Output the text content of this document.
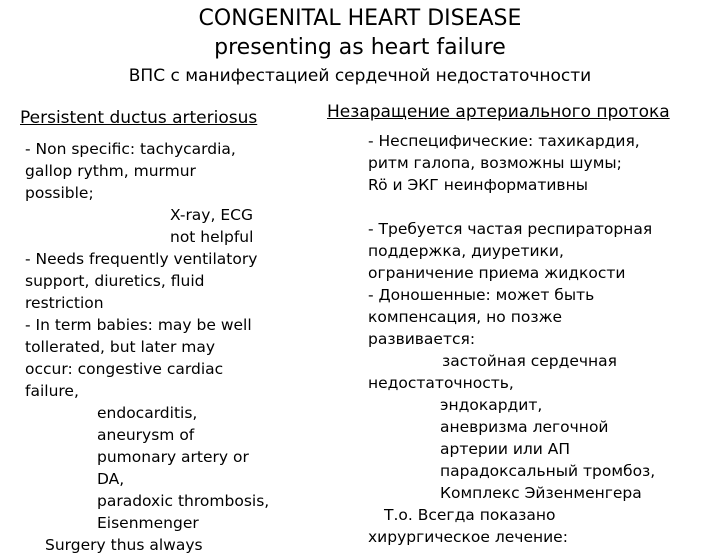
CONGENITAL HEART DISEASE
presenting as heart failure
ВПС с манифестацией сердечной недостаточности
Persistent ductus arteriosus	Незаращение артериального протока
- Non specific: tachycardia,
gallop rythm, murmur
possible;
X-ray, ECG
not helpful
- Needs frequently ventilatory
support, diuretics, fluid
restriction
- In term babies: may be well
tollerated, but later may
occur: congestive cardiac
failure,
endocarditis,
aneurysm of
pumonary artery or
DA,
paradoxic thrombosis,
Eisenmenger
Surgery thus always
- Неспецифические: тахикардия,
ритм галопа, возможны шумы;
Rö и ЭКГ неинформативны
- Требуется частая респираторная
поддержка, диуретики,
ограничение приема жидкости
- Доношенные: может быть
компенсация, но позже
развивается:
застойная сердечная
недостаточность,
эндокардит,
аневризма легочной
артерии или АП
парадоксальный тромбоз,
Комплекс Эйзенменгера
Т.о. Всегда показано
хирургическое лечение:
